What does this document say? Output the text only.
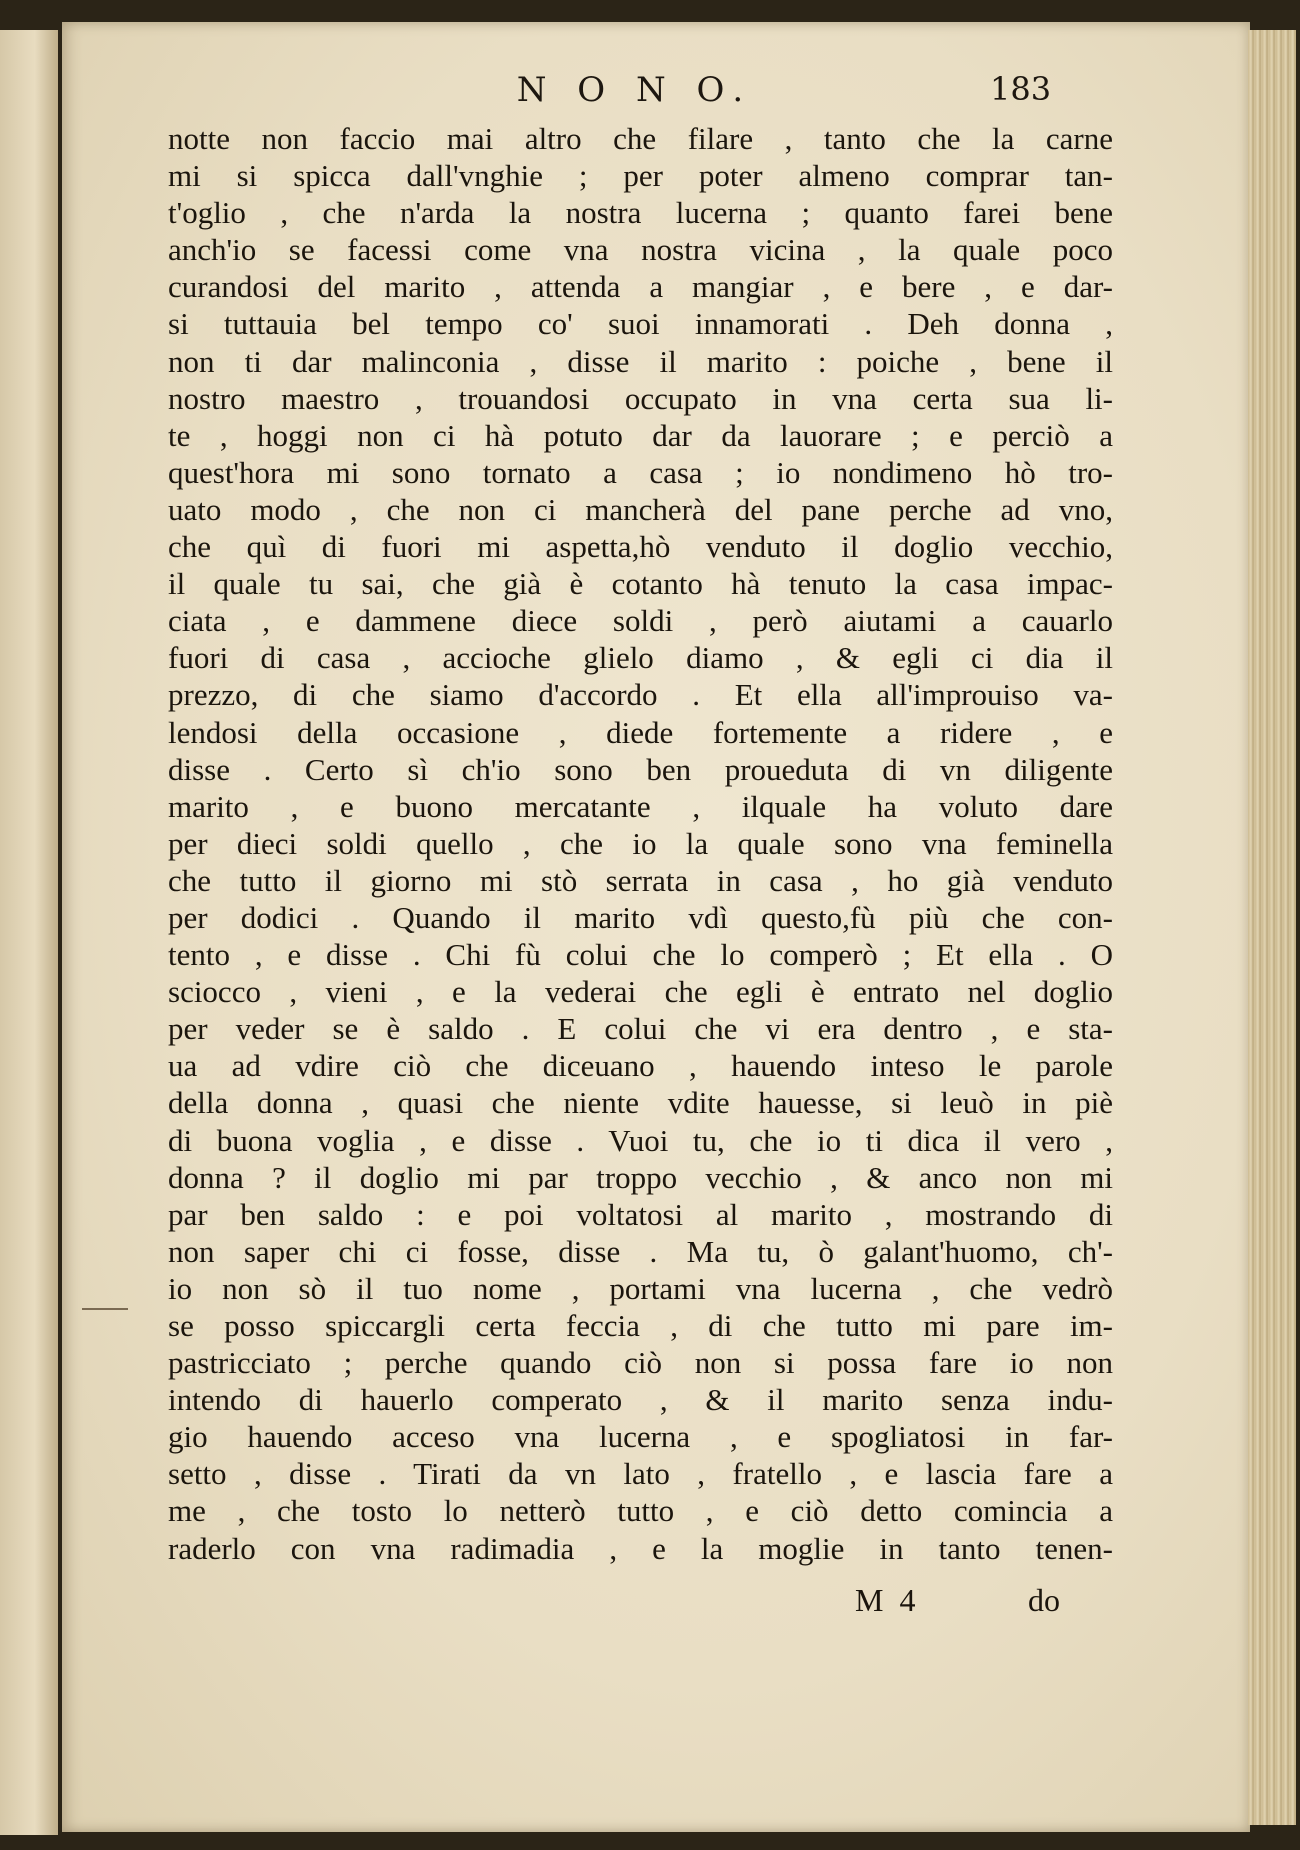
N O N O.	183
notte non faccio mai altro che filare , tanto che la carne
mi si spicca dall'vnghie ; per poter almeno comprar tan-
t'oglio , che n'arda la nostra lucerna ; quanto farei bene
anch'io se facessi come vna nostra vicina , la quale poco
curandosi del marito , attenda a mangiar , e bere , e dar-
si tuttauia bel tempo co' suoi innamorati . Deh donna ,
non ti dar malinconia , disse il marito : poiche , bene il
nostro maestro , trouandosi occupato in vna certa sua li-
te , hoggi non ci hà potuto dar da lauorare ; e perciò a
quest'hora mi sono tornato a casa ; io nondimeno hò tro-
uato modo , che non ci mancherà del pane perche ad vno,
che quì di fuori mi aspetta,hò venduto il doglio vecchio,
il quale tu sai, che già è cotanto hà tenuto la casa impac-
ciata , e dammene diece soldi , però aiutami a cauarlo
fuori di casa , accioche glielo diamo , & egli ci dia il
prezzo, di che siamo d'accordo . Et ella all'improuiso va-
lendosi della occasione , diede fortemente a ridere , e
disse . Certo sì ch'io sono ben proueduta di vn diligente
marito , e buono mercatante , ilquale ha voluto dare
per dieci soldi quello , che io la quale sono vna feminella
che tutto il giorno mi stò serrata in casa , ho già venduto
per dodici . Quando il marito vdì questo,fù più che con-
tento , e disse . Chi fù colui che lo comperò ; Et ella . O
sciocco , vieni , e la vederai che egli è entrato nel doglio
per veder se è saldo . E colui che vi era dentro , e sta-
ua ad vdire ciò che diceuano , hauendo inteso le parole
della donna , quasi che niente vdite hauesse, si leuò in piè
di buona voglia , e disse . Vuoi tu, che io ti dica il vero ,
donna ? il doglio mi par troppo vecchio , & anco non mi
par ben saldo : e poi voltatosi al marito , mostrando di
non saper chi ci fosse, disse . Ma tu, ò galant'huomo, ch'-
io non sò il tuo nome , portami vna lucerna , che vedrò
se posso spiccargli certa feccia , di che tutto mi pare im-
pastricciato ; perche quando ciò non si possa fare io non
intendo di hauerlo comperato , & il marito senza indu-
gio hauendo acceso vna lucerna , e spogliatosi in far-
setto , disse . Tirati da vn lato , fratello , e lascia fare a
me , che tosto lo netterò tutto , e ciò detto comincia a
raderlo con vna radimadia , e la moglie in tanto tenen-
M 4	do
